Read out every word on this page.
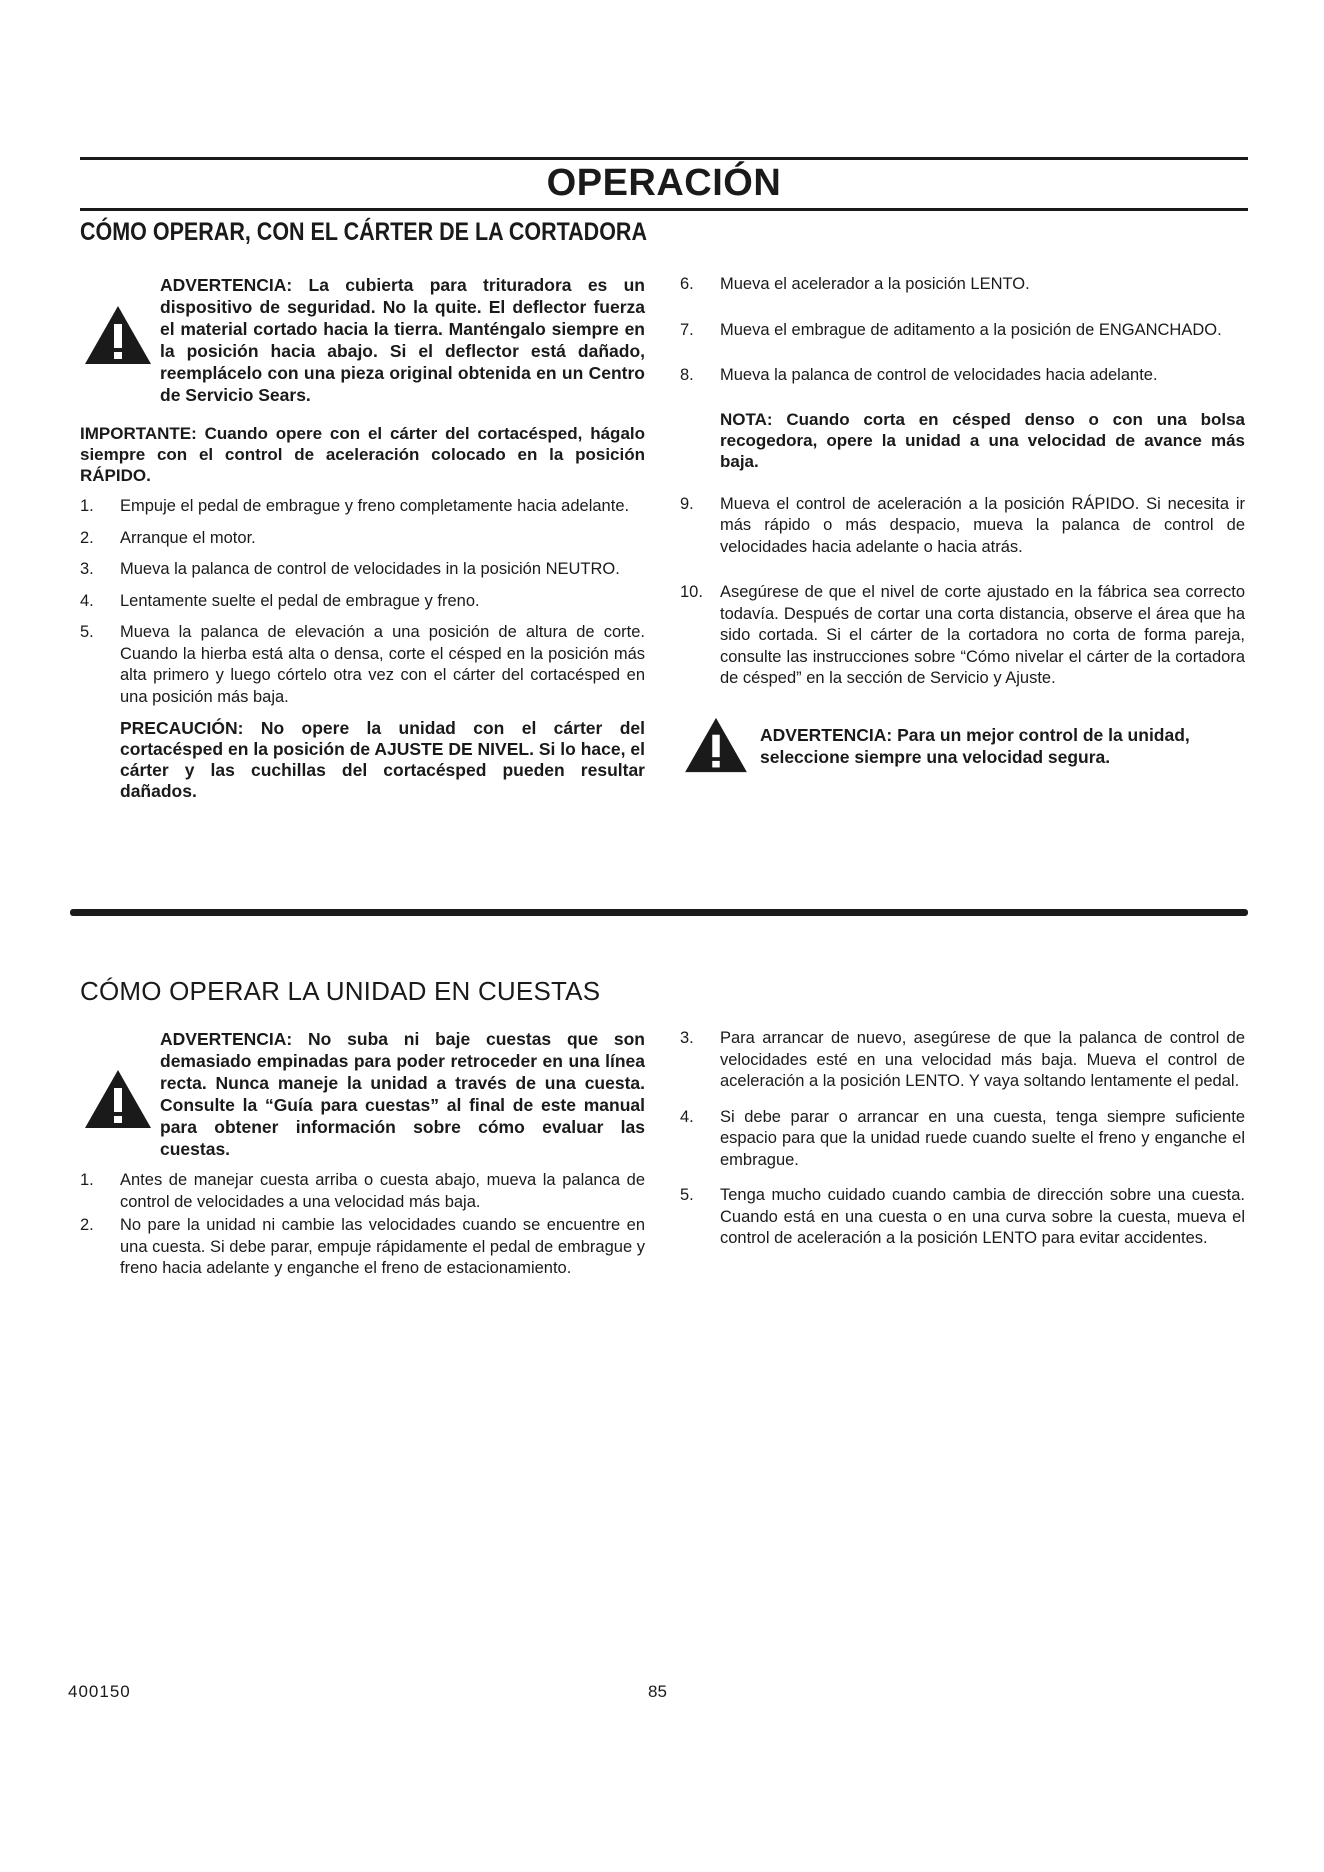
OPERACIÓN
CÓMO OPERAR, CON EL CÁRTER DE LA CORTADORA
ADVERTENCIA: La cubierta para trituradora es un dispositivo de seguridad. No la quite. El deflector fuerza el material cortado hacia la tierra. Manténgalo siempre en la posición hacia abajo. Si el deflector está dañado, reemplácelo con una pieza original obtenida en un Centro de Servicio Sears.

IMPORTANTE: Cuando opere con el cárter del cortacésped, hágalo siempre con el control de aceleración colocado en la posición RÁPIDO.

1. Empuje el pedal de embrague y freno completamente hacia adelante.
2. Arranque el motor.
3. Mueva la palanca de control de velocidades in la posición NEUTRO.
4. Lentamente suelte el pedal de embrague y freno.
5. Mueva la palanca de elevación a una posición de altura de corte. Cuando la hierba está alta o densa, corte el césped en la posición más alta primero y luego córtelo otra vez con el cárter del cortacésped en una posición más baja.

PRECAUCIÓN: No opere la unidad con el cárter del cortacésped en la posición de AJUSTE DE NIVEL. Si lo hace, el cárter y las cuchillas del cortacésped pueden resultar dañados.

6. Mueva el acelerador a la posición LENTO.
7. Mueva el embrague de aditamento a la posición de ENGANCHADO.
8. Mueva la palanca de control de velocidades hacia adelante.

NOTA: Cuando corta en césped denso o con una bolsa recogedora, opere la unidad a una velocidad de avance más baja.

9. Mueva el control de aceleración a la posición RÁPIDO. Si necesita ir más rápido o más despacio, mueva la palanca de control de velocidades hacia adelante o hacia atrás.
10. Asegúrese de que el nivel de corte ajustado en la fábrica sea correcto todavía. Después de cortar una corta distancia, observe el área que ha sido cortada. Si el cárter de la cortadora no corta de forma pareja, consulte las instrucciones sobre “Cómo nivelar el cárter de la cortadora de césped” en la sección de Servicio y Ajuste.
ADVERTENCIA: Para un mejor control de la unidad, seleccione siempre una velocidad segura.
CÓMO OPERAR LA UNIDAD EN CUESTAS
ADVERTENCIA: No suba ni baje cuestas que son demasiado empinadas para poder retroceder en una línea recta. Nunca maneje la unidad a través de una cuesta. Consulte la “Guía para cuestas” al final de este manual para obtener información sobre cómo evaluar las cuestas.
1. Antes de manejar cuesta arriba o cuesta abajo, mueva la palanca de control de velocidades a una velocidad más baja.
2. No pare la unidad ni cambie las velocidades cuando se encuentre en una cuesta. Si debe parar, empuje rápidamente el pedal de embrague y freno hacia adelante y enganche el freno de estacionamiento.
3. Para arrancar de nuevo, asegúrese de que la palanca de control de velocidades esté en una velocidad más baja. Mueva el control de aceleración a la posición LENTO. Y vaya soltando lentamente el pedal.
4. Si debe parar o arrancar en una cuesta, tenga siempre suficiente espacio para que la unidad ruede cuando suelte el freno y enganche el embrague.
5. Tenga mucho cuidado cuando cambia de dirección sobre una cuesta. Cuando está en una cuesta o en una curva sobre la cuesta, mueva el control de aceleración a la posición LENTO para evitar accidentes.
400150	85
